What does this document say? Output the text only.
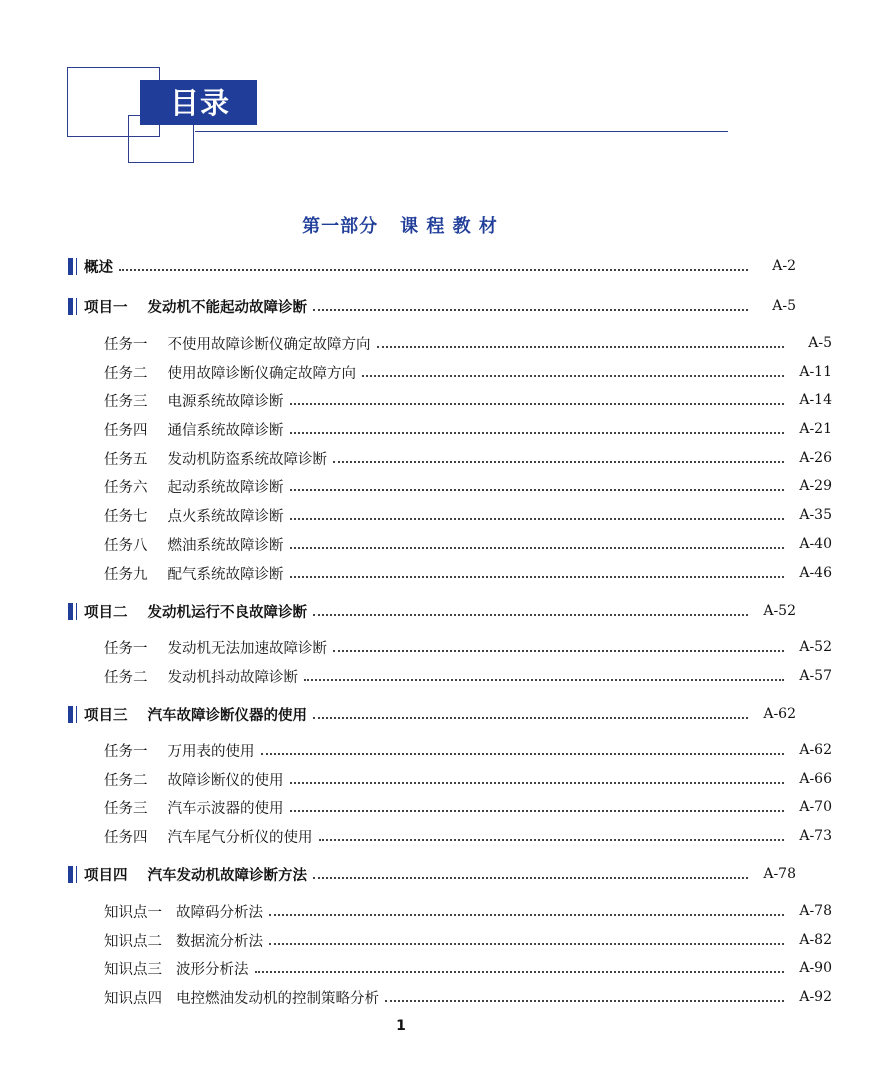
目录
第一部分 课 程 教 材
概述	A-2
项目一 发动机不能起动故障诊断	A-5
任务一 不使用故障诊断仪确定故障方向	A-5
任务二 使用故障诊断仪确定故障方向	A-11
任务三 电源系统故障诊断	A-14
任务四 通信系统故障诊断	A-21
任务五 发动机防盗系统故障诊断	A-26
任务六 起动系统故障诊断	A-29
任务七 点火系统故障诊断	A-35
任务八 燃油系统故障诊断	A-40
任务九 配气系统故障诊断	A-46
项目二 发动机运行不良故障诊断	A-52
任务一 发动机无法加速故障诊断	A-52
任务二 发动机抖动故障诊断	A-57
项目三 汽车故障诊断仪器的使用	A-62
任务一 万用表的使用	A-62
任务二 故障诊断仪的使用	A-66
任务三 汽车示波器的使用	A-70
任务四 汽车尾气分析仪的使用	A-73
项目四 汽车发动机故障诊断方法	A-78
知识点一 故障码分析法	A-78
知识点二 数据流分析法	A-82
知识点三 波形分析法	A-90
知识点四 电控燃油发动机的控制策略分析	A-92
1
